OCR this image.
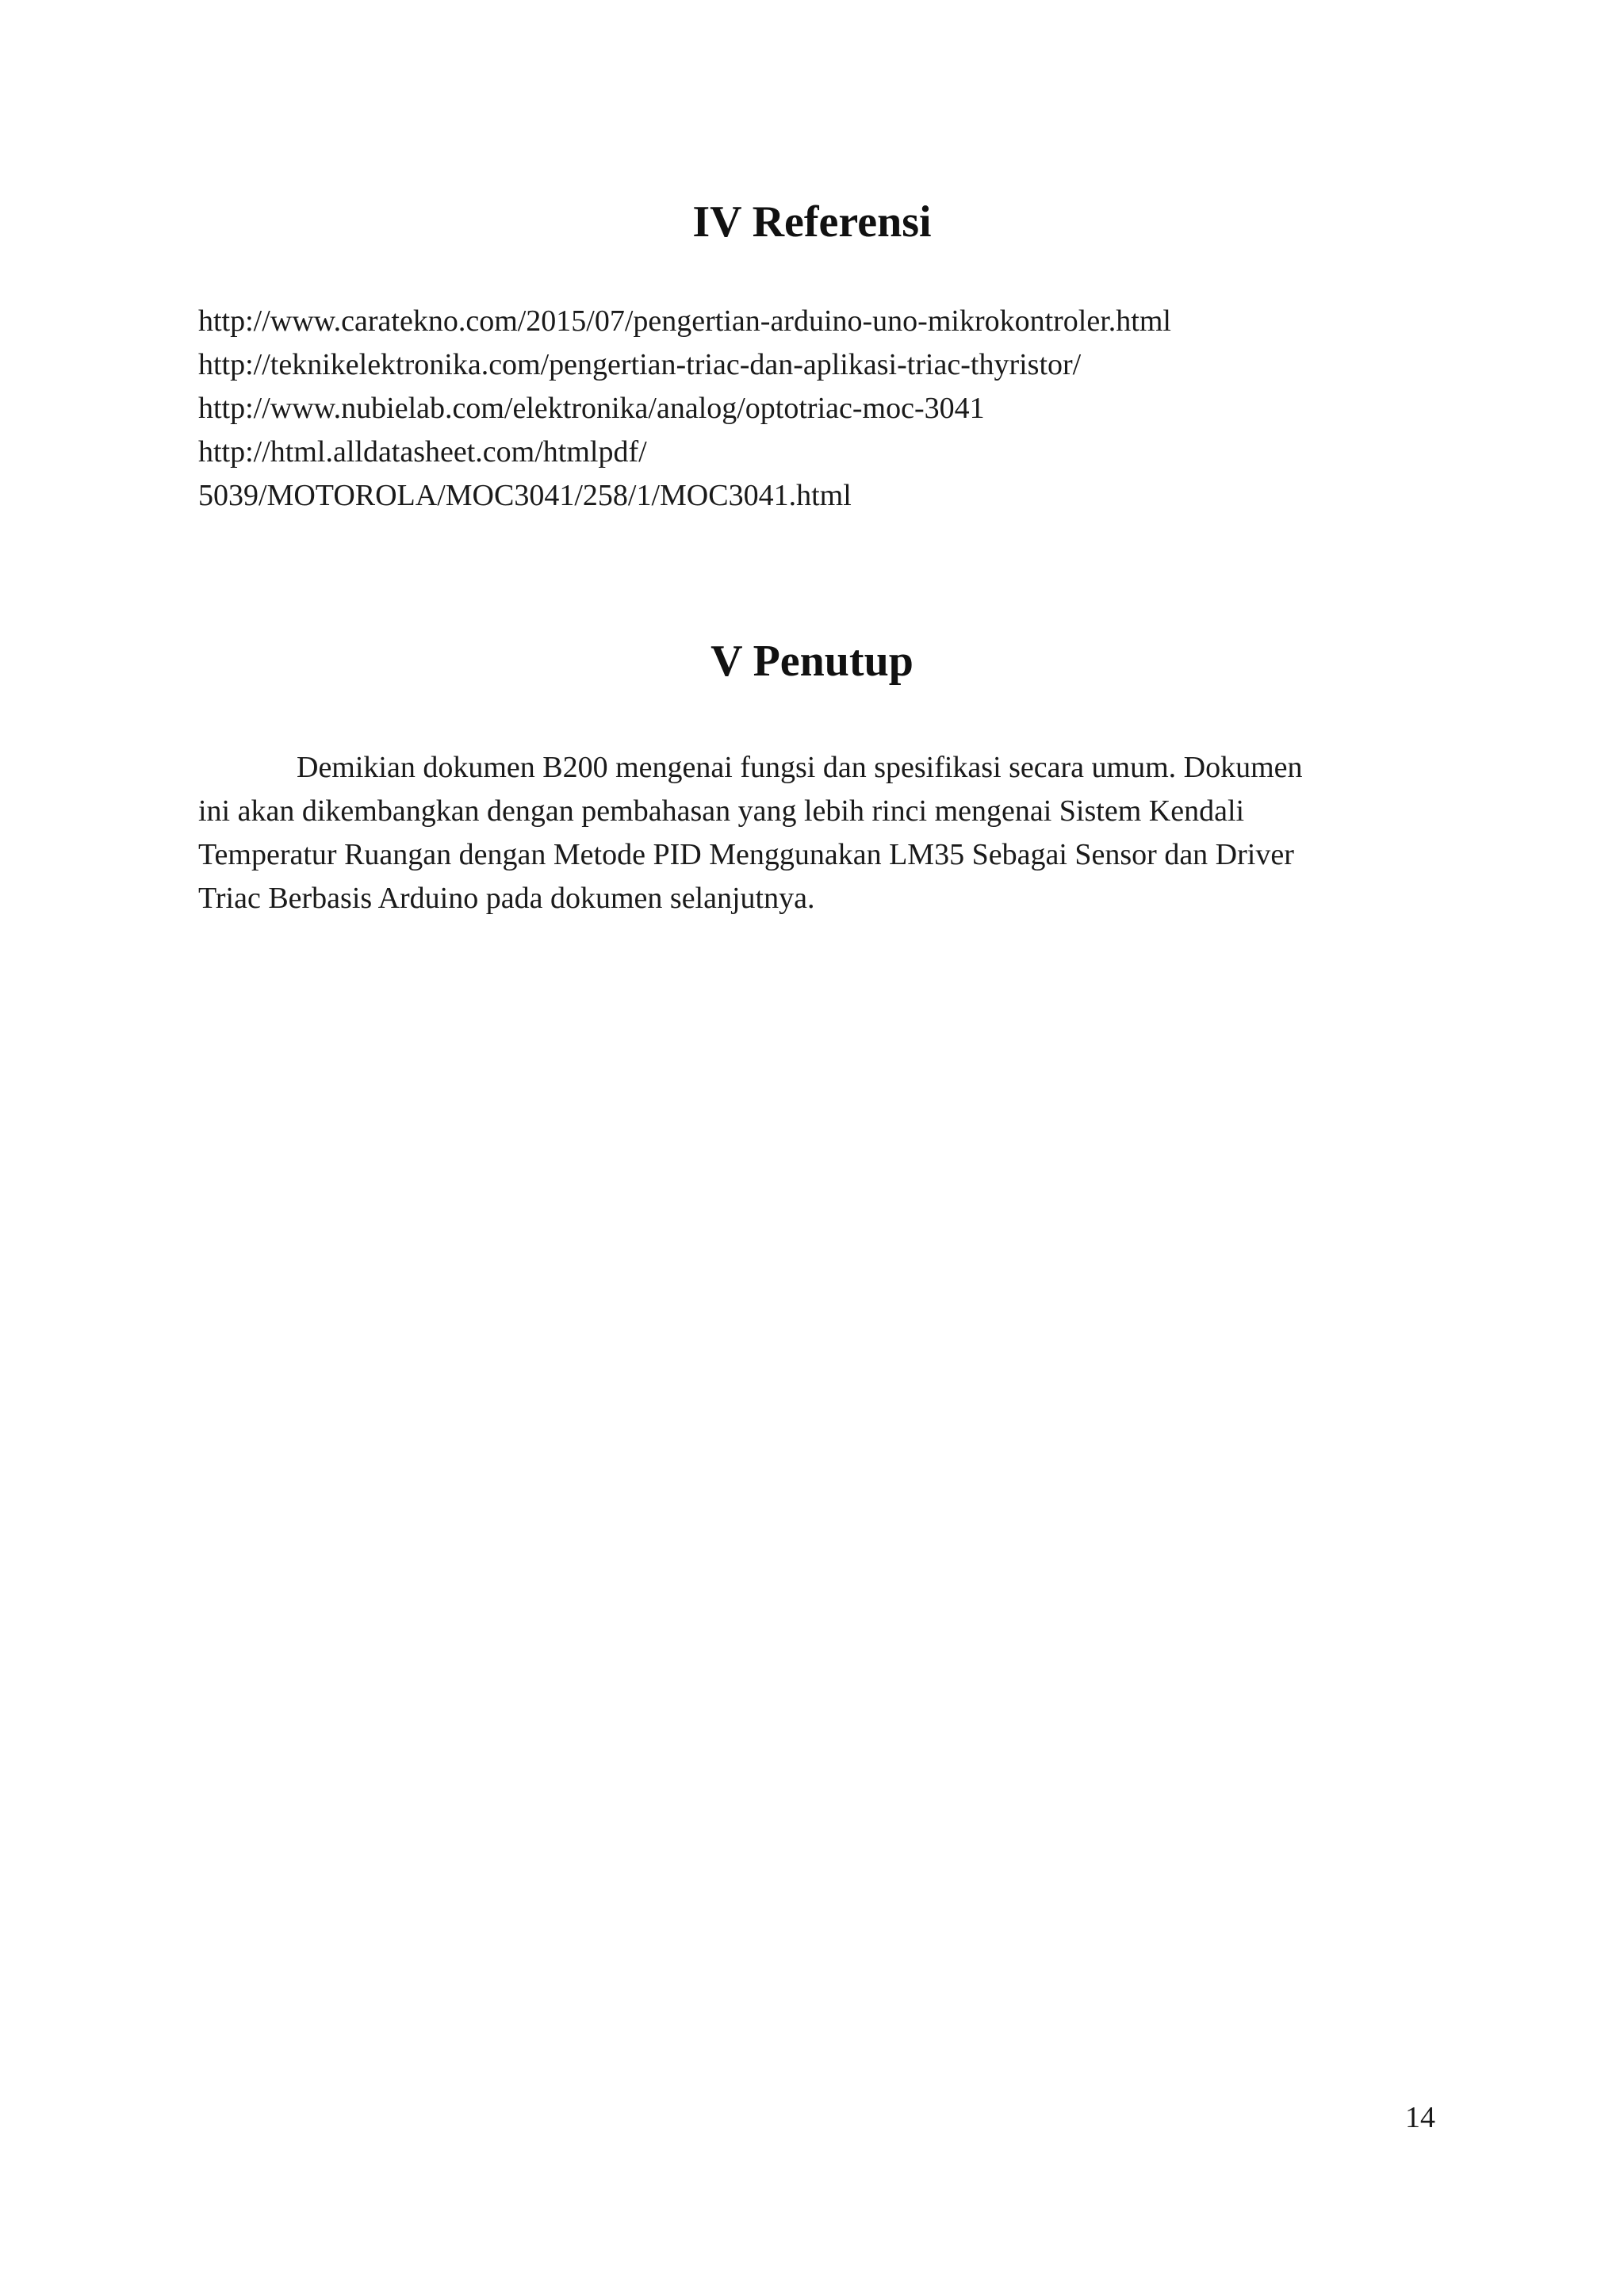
IV Referensi
http://www.caratekno.com/2015/07/pengertian-arduino-uno-mikrokontroler.html
http://teknikelektronika.com/pengertian-triac-dan-aplikasi-triac-thyristor/
http://www.nubielab.com/elektronika/analog/optotriac-moc-3041
http://html.alldatasheet.com/htmlpdf/
5039/MOTOROLA/MOC3041/258/1/MOC3041.html
V Penutup

Demikian dokumen B200 mengenai fungsi dan spesifikasi secara umum. Dokumen
ini akan dikembangkan dengan pembahasan yang lebih rinci mengenai Sistem Kendali
Temperatur Ruangan dengan Metode PID Menggunakan LM35 Sebagai Sensor dan Driver
Triac Berbasis Arduino pada dokumen selanjutnya.

14
